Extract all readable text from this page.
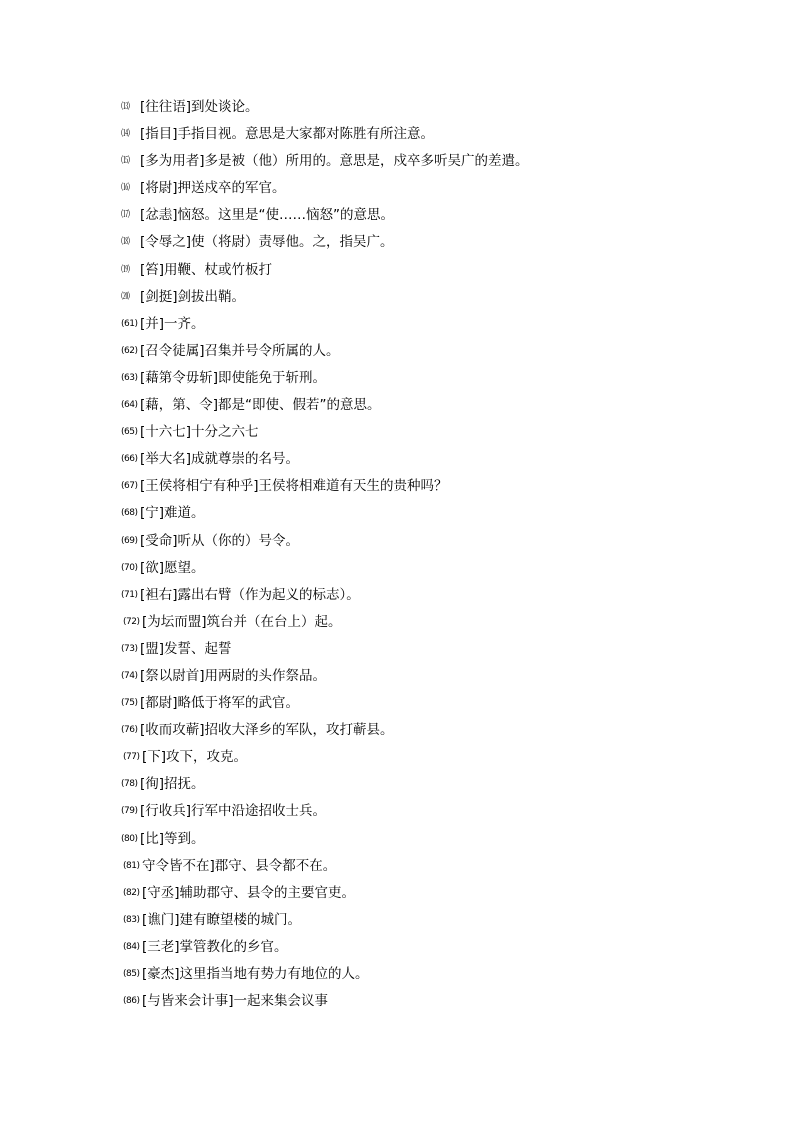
⒀ [往往语]到处谈论。
⒁ [指目]手指目视。意思是大家都对陈胜有所注意。
⒂ [多为用者]多是被（他）所用的。意思是，戍卒多听吴广的差遣。
⒃ [将尉]押送戍卒的军官。
⒄ [忿恚]恼怒。这里是“使……恼怒”的意思。
⒅ [令辱之]使（将尉）责辱他。之，指吴广。
⒆ [笞]用鞭、杖或竹板打
⒇ [剑挺]剑拔出鞘。
(61) [并]一齐。
(62) [召令徒属]召集并号令所属的人。
(63) [藉第令毋斩]即使能免于斩刑。
(64) [藉，第、令]都是“即使、假若”的意思。
(65) [十六七]十分之六七
(66) [举大名]成就尊崇的名号。
(67) [王侯将相宁有种乎]王侯将相难道有天生的贵种吗？
(68) [宁]难道。
(69) [受命]听从（你的）号令。
(70) [欲]愿望。
(71) [袒右]露出右臂（作为起义的标志）。
(72) [为坛而盟]筑台并（在台上）起。
(73) [盟]发誓、起誓
(74) [祭以尉首]用两尉的头作祭品。
(75) [都尉]略低于将军的武官。
(76) [收而攻蕲]招收大泽乡的军队，攻打蕲县。
(77) [下]攻下，攻克。
(78) [徇]招抚。
(79) [行收兵]行军中沿途招收士兵。
(80) [比]等到。
(81) 守令皆不在]郡守、县令都不在。
(82) [守丞]辅助郡守、县令的主要官吏。
(83) [谯门]建有瞭望楼的城门。
(84) [三老]掌管教化的乡官。
(85) [豪杰]这里指当地有势力有地位的人。
(86) [与皆来会计事]一起来集会议事
